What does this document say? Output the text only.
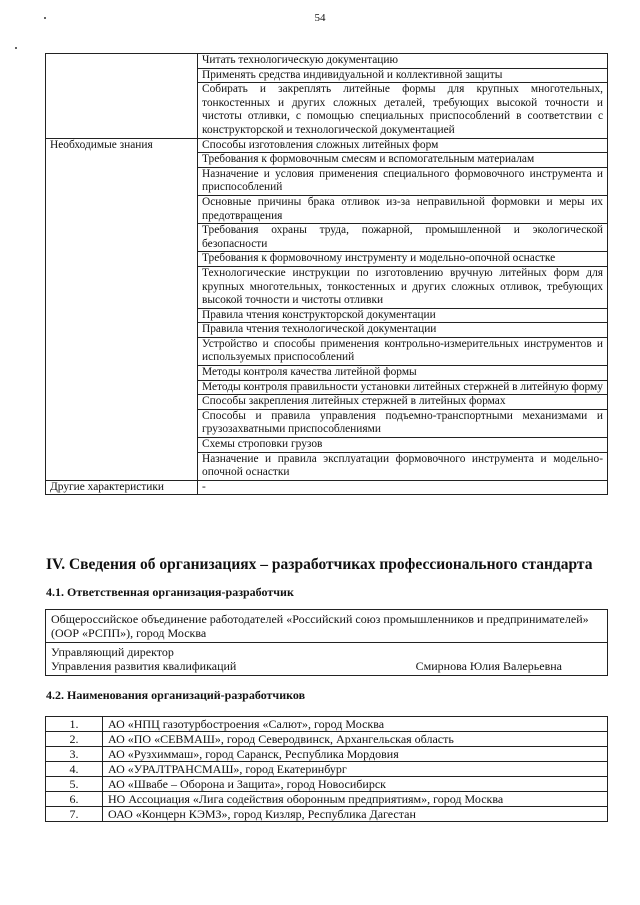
54
	Читать технологическую документацию
	Применять средства индивидуальной и коллективной защиты
	Собирать и закреплять литейные формы для крупных многотельных, тонкостенных и других сложных деталей, требующих высокой точности и чистоты отливки, с помощью специальных приспособлений в соответствии с конструкторской и технологической документацией
Необходимые знания	Способы изготовления сложных литейных форм
	Требования к формовочным смесям и вспомогательным материалам
	Назначение и условия применения специального формовочного инструмента и приспособлений
	Основные причины брака отливок из-за неправильной формовки и меры их предотвращения
	Требования охраны труда, пожарной, промышленной и экологической безопасности
	Требования к формовочному инструменту и модельно-опочной оснастке
	Технологические инструкции по изготовлению вручную литейных форм для крупных многотельных, тонкостенных и других сложных отливок, требующих высокой точности и чистоты отливки
	Правила чтения конструкторской документации
	Правила чтения технологической документации
	Устройство и способы применения контрольно-измерительных инструментов и используемых приспособлений
	Методы контроля качества литейной формы
	Методы контроля правильности установки литейных стержней в литейную форму
	Способы закрепления литейных стержней в литейных формах
	Способы и правила управления подъемно-транспортными механизмами и грузозахватными приспособлениями
	Схемы строповки грузов
	Назначение и правила эксплуатации формовочного инструмента и модельно-опочной оснастки
Другие характеристики	-
IV. Сведения об организациях – разработчиках профессионального стандарта
4.1. Ответственная организация-разработчик
Общероссийское объединение работодателей «Российский союз промышленников и предпринимателей» (ООР «РСПП»), город Москва

Управляющий директор
Управления развития квалификаций	Смирнова Юлия Валерьевна
4.2. Наименования организаций-разработчиков
1.	АО «НПЦ газотурбостроения «Салют», город Москва
2.	АО «ПО «СЕВМАШ», город Северодвинск, Архангельская область
3.	АО «Рузхиммаш», город Саранск, Республика Мордовия
4.	АО «УРАЛТРАНСМАШ», город Екатеринбург
5.	АО «Швабе – Оборона и Защита», город Новосибирск
6.	НО Ассоциация «Лига содействия оборонным предприятиям», город Москва
7.	ОАО «Концерн КЭМЗ», город Кизляр, Республика Дагестан
